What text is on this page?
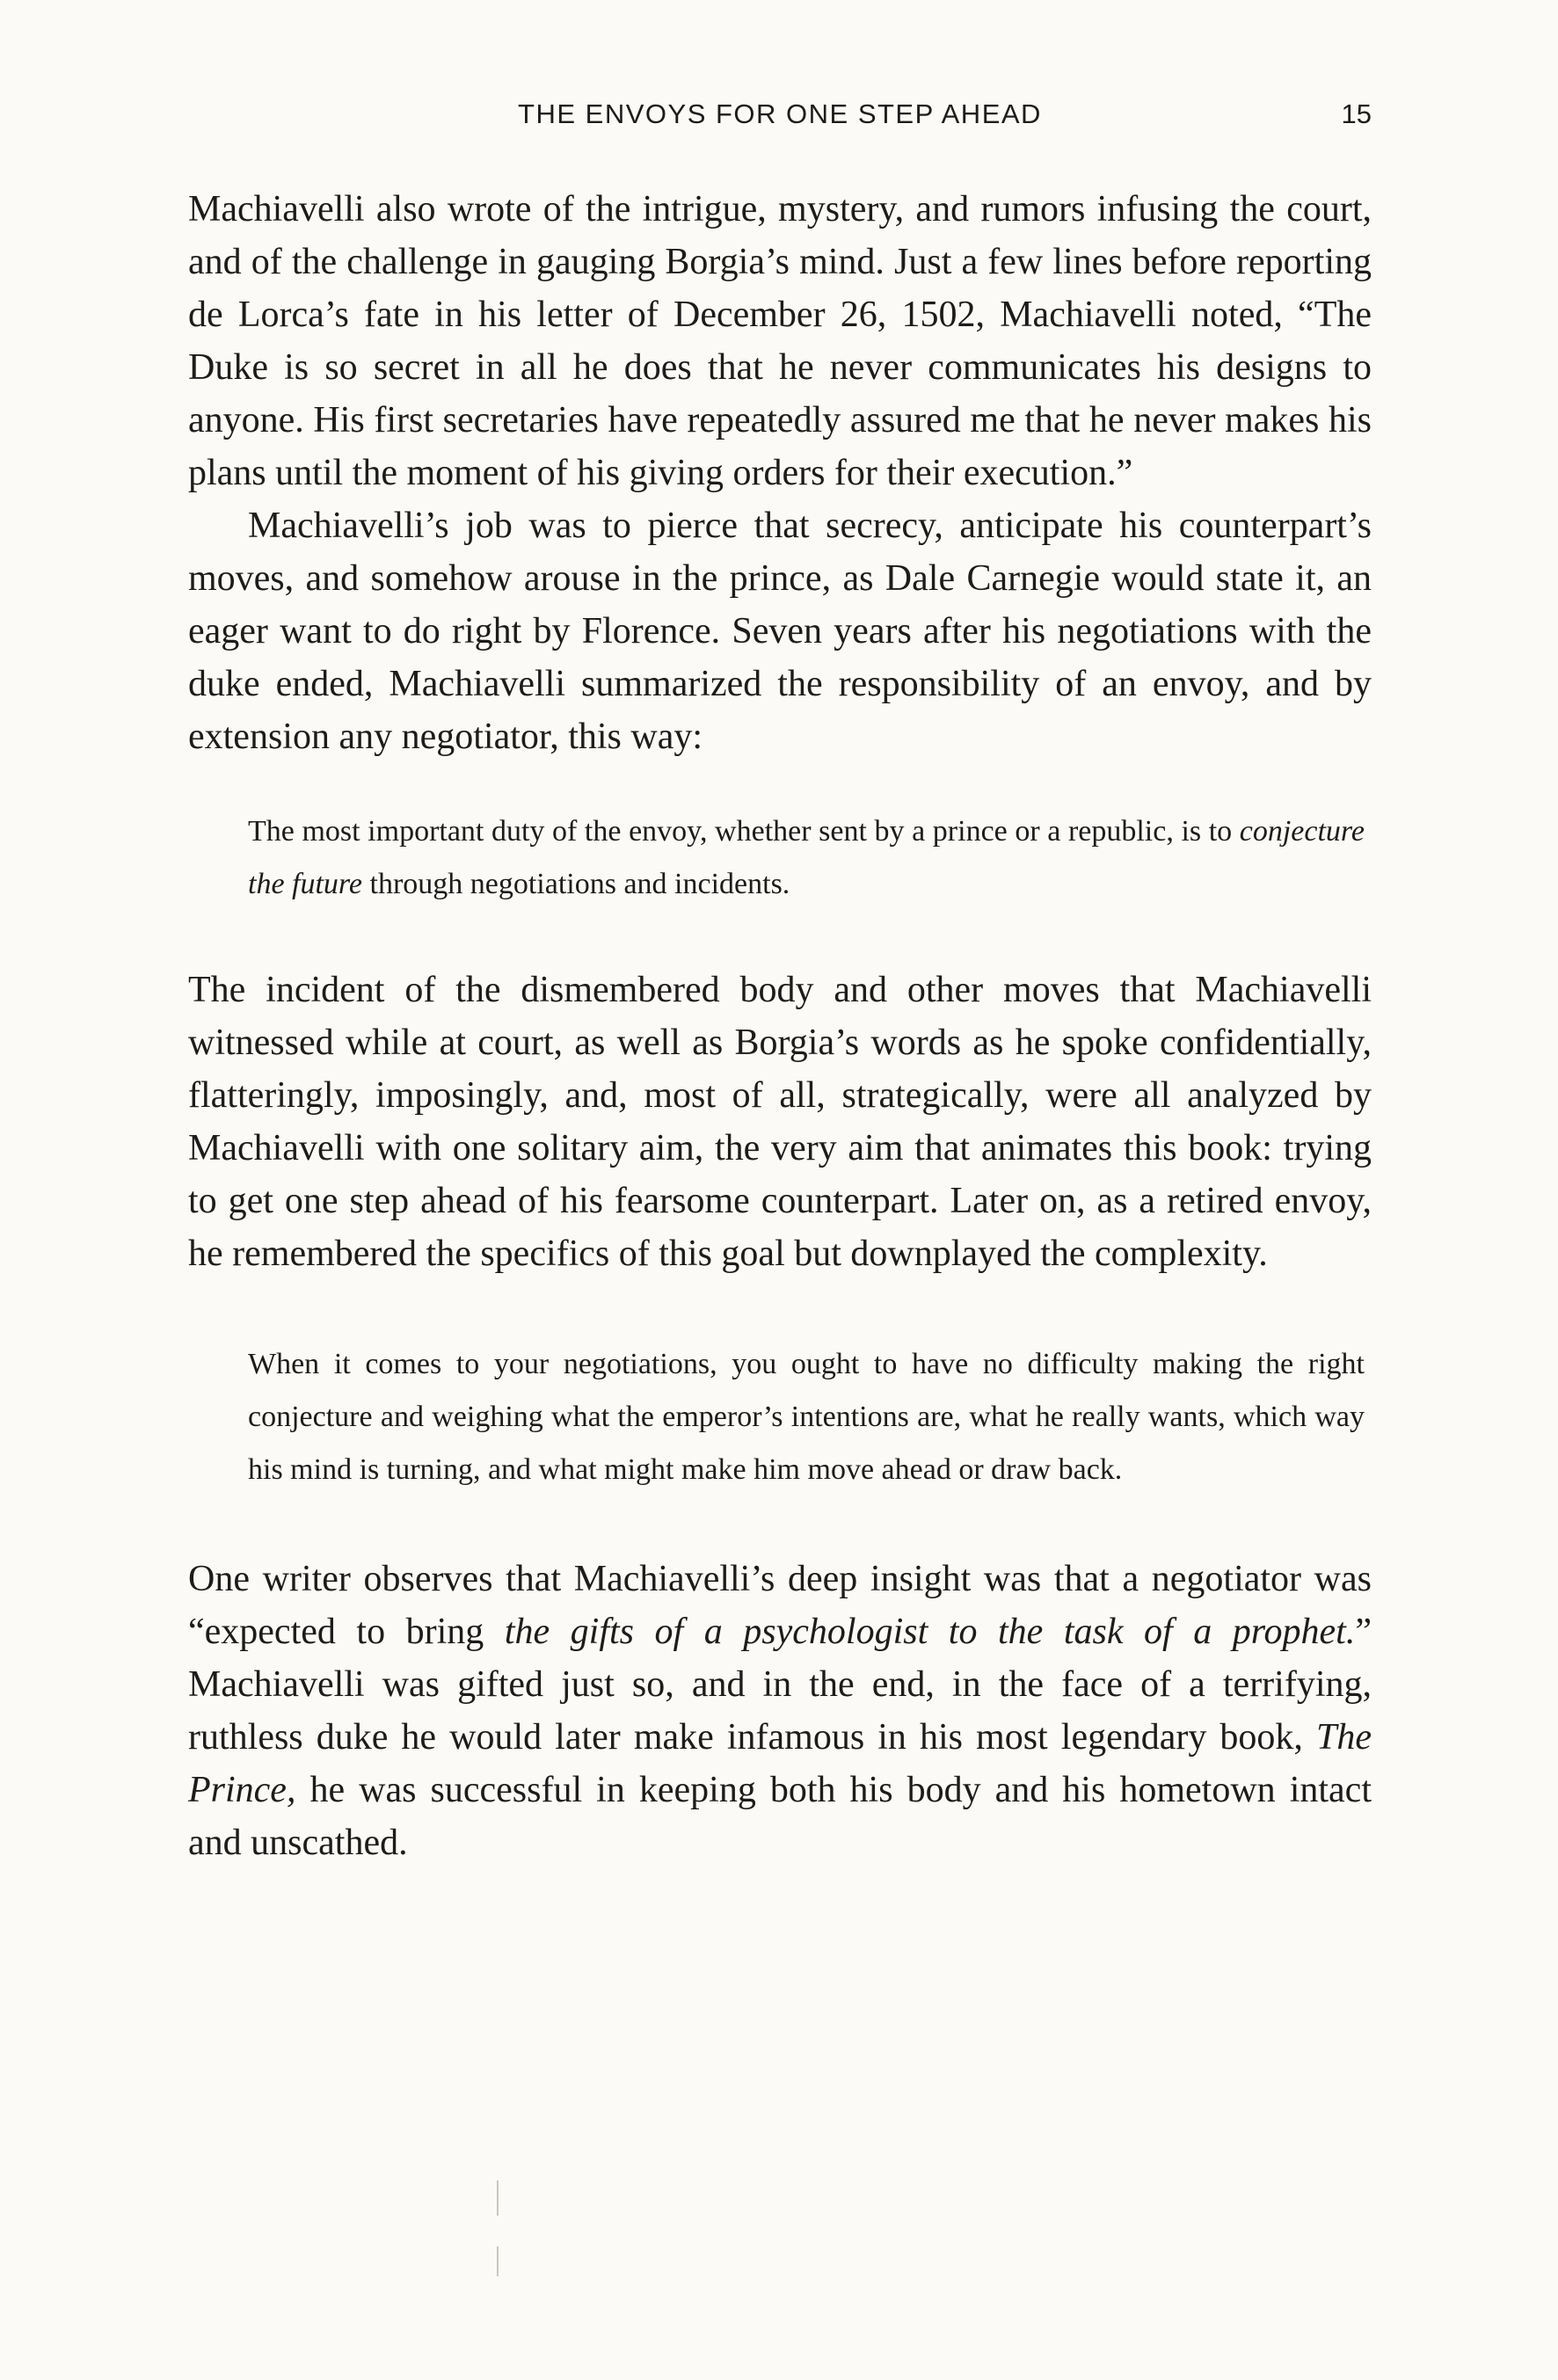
THE ENVOYS FOR ONE STEP AHEAD	15

Machiavelli also wrote of the intrigue, mystery, and rumors infusing the court, and of the challenge in gauging Borgia’s mind. Just a few lines before reporting de Lorca’s fate in his letter of December 26, 1502, Machiavelli noted, “The Duke is so secret in all he does that he never communicates his designs to anyone. His first secretaries have repeatedly assured me that he never makes his plans until the moment of his giving orders for their execution.”

Machiavelli’s job was to pierce that secrecy, anticipate his counterpart’s moves, and somehow arouse in the prince, as Dale Carnegie would state it, an eager want to do right by Florence. Seven years after his negotiations with the duke ended, Machiavelli summarized the responsibility of an envoy, and by extension any negotiator, this way:

The most important duty of the envoy, whether sent by a prince or a republic, is to conjecture the future through negotiations and incidents.

The incident of the dismembered body and other moves that Machiavelli witnessed while at court, as well as Borgia’s words as he spoke confidentially, flatteringly, imposingly, and, most of all, strategically, were all analyzed by Machiavelli with one solitary aim, the very aim that animates this book: trying to get one step ahead of his fearsome counterpart. Later on, as a retired envoy, he remembered the specifics of this goal but downplayed the complexity.

When it comes to your negotiations, you ought to have no difficulty making the right conjecture and weighing what the emperor’s intentions are, what he really wants, which way his mind is turning, and what might make him move ahead or draw back.

One writer observes that Machiavelli’s deep insight was that a negotiator was “expected to bring the gifts of a psychologist to the task of a prophet.” Machiavelli was gifted just so, and in the end, in the face of a terrifying, ruthless duke he would later make infamous in his most legendary book, The Prince, he was successful in keeping both his body and his hometown intact and unscathed.
